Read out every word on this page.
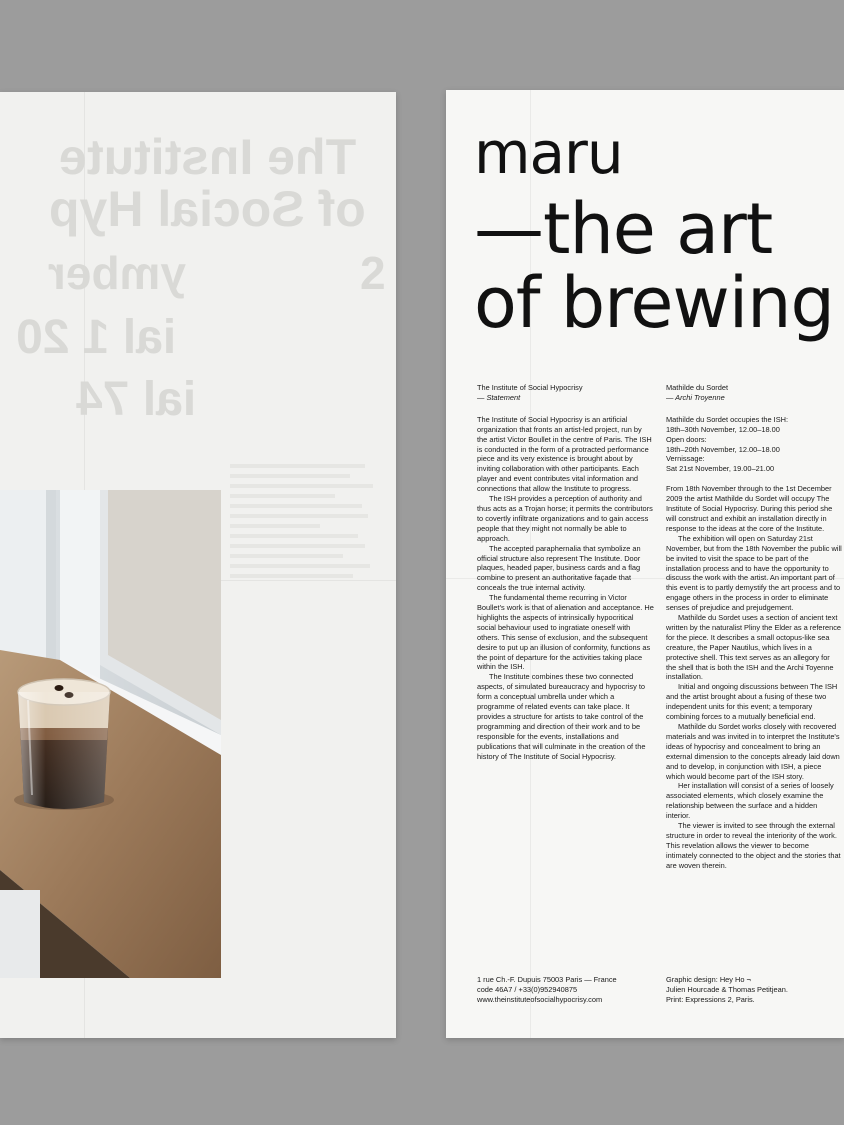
The Institute
of Social Hyp
ymber	2
ial 1 20
ial 74
maru
—the art
of brewing

The Institute of Social Hypocrisy

— Statement

The Institute of Social Hypocrisy is an artificial organization that fronts an artist-led project, run by the artist Victor Boullet in the centre of Paris. The ISH is conducted in the form of a protracted performance piece and its very existence is brought about by inviting collaboration with other participants. Each player and event contributes vital information and connections that allow the Institute to progress.

The ISH provides a perception of authority and thus acts as a Trojan horse; it permits the contributors to covertly infiltrate organizations and to gain access people that they might not normally be able to approach.

The accepted paraphernalia that symbolize an official structure also represent The Institute. Door plaques, headed paper, business cards and a flag combine to present an authoritative façade that conceals the true internal activity.

The fundamental theme recurring in Victor Boullet's work is that of alienation and acceptance. He highlights the aspects of intrinsically hypocritical social behaviour used to ingratiate oneself with others. This sense of exclusion, and the subsequent desire to put up an illusion of conformity, functions as the point of departure for the activities taking place within the ISH.

The Institute combines these two connected aspects, of simulated bureaucracy and hypocrisy to form a conceptual umbrella under which a programme of related events can take place. It provides a structure for artists to take control of the programming and direction of their work and to be responsible for the events, installations and publications that will culminate in the creation of the history of The Institute of Social Hypocrisy.

Mathilde du Sordet

— Archi Troyenne

Mathilde du Sordet occupies the ISH:

18th–30th November, 12.00–18.00

Open doors:

18th–20th November, 12.00–18.00

Vernissage:

Sat 21st November, 19.00–21.00

From 18th November through to the 1st December 2009 the artist Mathilde du Sordet will occupy The Institute of Social Hypocrisy. During this period she will construct and exhibit an installation directly in response to the ideas at the core of the Institute.

The exhibition will open on Saturday 21st November, but from the 18th November the public will be invited to visit the space to be part of the installation process and to have the opportunity to discuss the work with the artist. An important part of this event is to partly demystify the art process and to engage others in the process in order to eliminate senses of prejudice and prejudgement.

Mathilde du Sordet uses a section of ancient text written by the naturalist Pliny the Elder as a reference for the piece. It describes a small octopus-like sea creature, the Paper Nautilus, which lives in a protective shell. This text serves as an allegory for the shell that is both the ISH and the Archi Toyenne installation.

Initial and ongoing discussions between The ISH and the artist brought about a fusing of these two independent units for this event; a temporary combining forces to a mutually beneficial end.

Mathilde du Sordet works closely with recovered materials and was invited in to interpret the Institute's ideas of hypocrisy and concealment to bring an external dimension to the concepts already laid down and to develop, in conjunction with ISH, a piece which would become part of the ISH story.

Her installation will consist of a series of loosely associated elements, which closely examine the relationship between the surface and a hidden interior.

The viewer is invited to see through the external structure in order to reveal the interiority of the work. This revelation allows the viewer to become intimately connected to the object and the stories that are woven therein.

1 rue Ch.-F. Dupuis 75003 Paris — France
code 46A7 / +33(0)952940875
www.theinstituteofsocialhypocrisy.com
Graphic design: Hey Ho ¬
Julien Hourcade & Thomas Petitjean.
Print: Expressions 2, Paris.
